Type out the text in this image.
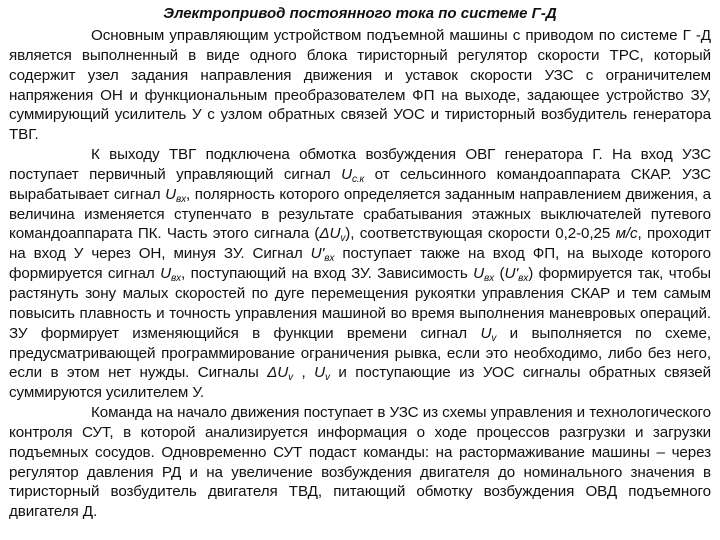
Электропривод постоянного тока по системе Г-Д

Основным управляющим устройством подъемной машины с приводом по системе Г -Д является выполненный в виде одного блока тиристорный регулятор скорости ТРС, который содержит узел задания направления движения и уставок скорости УЗС с ограничителем напряжения ОН и функциональным преобразователем ФП на выходе, задающее устройство ЗУ, суммирующий усилитель У с узлом обратных связей УОС и тиристорный возбудитель генератора ТВГ.

К выходу ТВГ подключена обмотка возбуждения ОВГ генератора Г. На вход УЗС поступает первичный управляющий сигнал $U_{с.к}$ от сельсинного командоаппарата СКАР. УЗС вырабатывает сигнал $U_{вх}$, полярность которого определяется заданным направлением движения, а величина изменяется ступенчато в результате срабатывания этажных выключателей путевого командоаппарата ПК. Часть этого сигнала $(\Delta U_v)$, соответствующая скорости 0,2-0,25 м/с, проходит на вход У через ОН, минуя ЗУ. Сигнал $U'_{вх}$ поступает также на вход ФП, на выходе которого формируется сигнал $U_{вх}$, поступающий на вход ЗУ. Зависимость $U_{вх}$ $(U'_{вх})$ формируется так, чтобы растянуть зону малых скоростей по дуге перемещения рукоятки управления СКАР и тем самым повысить плавность и точность управления машиной во время выполнения маневровых операций. ЗУ формирует изменяющийся в функции времени сигнал $U_v$ и выполняется по схеме, предусматривающей программирование ограничения рывка, если это необходимо, либо без него, если в этом нет нужды. Сигналы $\Delta U_v$ , $U_v$ и поступающие из УОС сигналы обратных связей суммируются усилителем У.

Команда на начало движения поступает в УЗС из схемы управления и технологического контроля СУТ, в которой анализируется информация о ходе процессов разгрузки и загрузки подъемных сосудов. Одновременно СУТ подаст команды: на растормаживание машины – через регулятор давления РД и на увеличение возбуждения двигателя до номинального значения в тиристорный возбудитель двигателя ТВД, питающий обмотку возбуждения ОВД подъемного двигателя Д.
